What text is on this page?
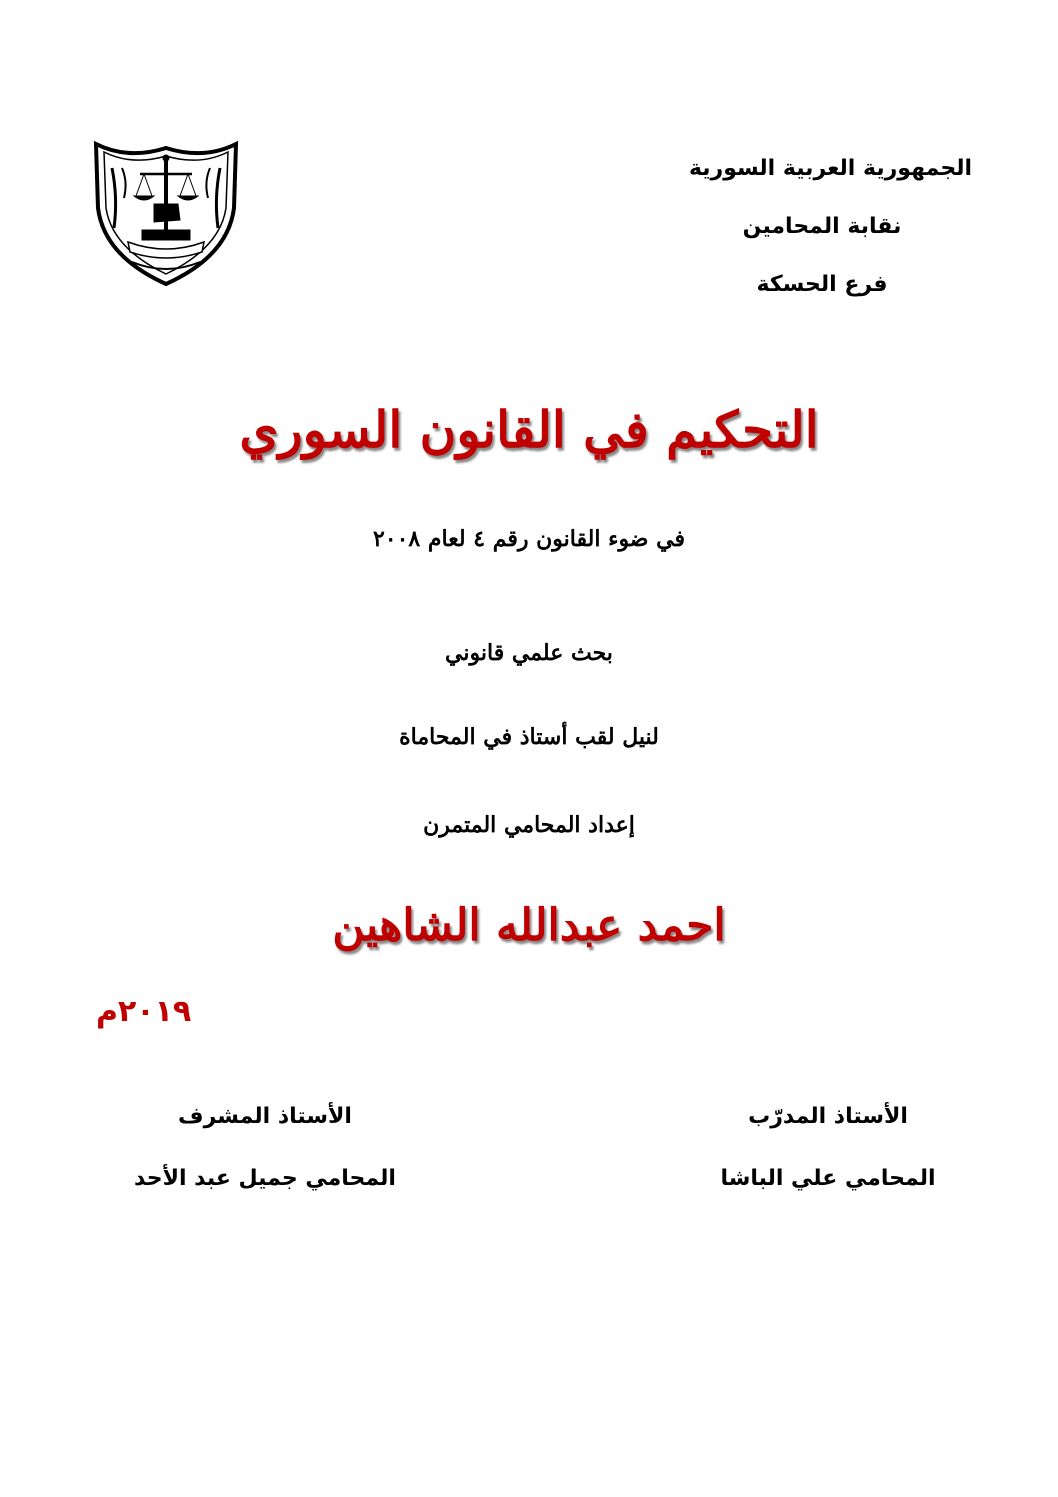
الجمهورية العربية السورية
نقابة المحامين
فرع الحسكة
التحكيم في القانون السوري
في ضوء القانون رقم ٤ لعام ٢٠٠٨
بحث علمي قانوني
لنيل لقب أستاذ في المحاماة
إعداد المحامي المتمرن
احمد عبدالله الشاهين
الأستاذ المدرّب
المحامي علي الباشا
الأستاذ المشرف
المحامي جميل عبد الأحد
٢٠١٩م
